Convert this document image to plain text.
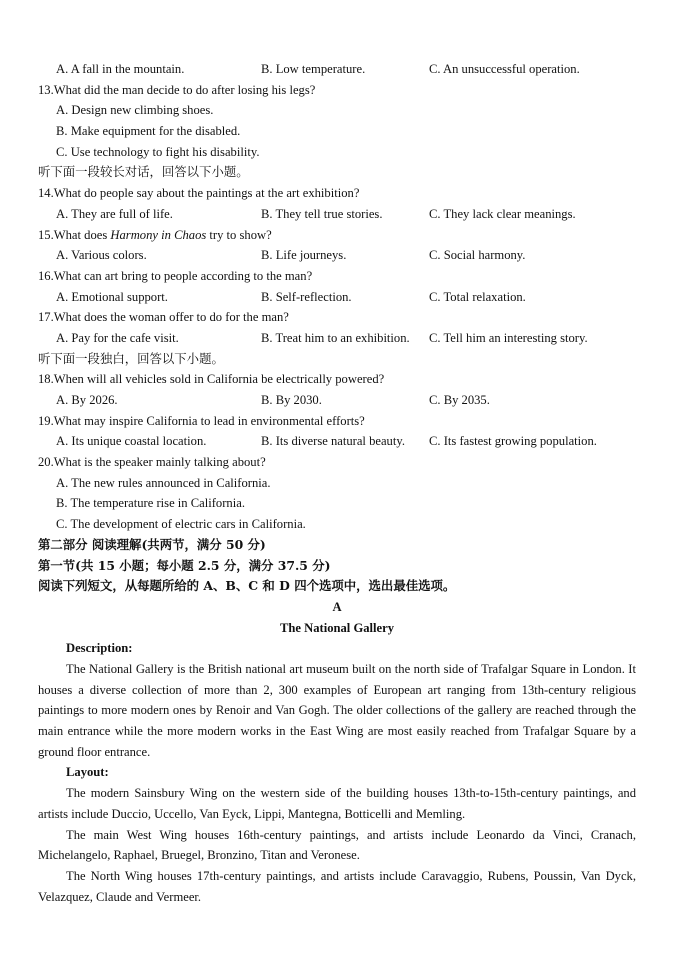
A. A fall in the mountain.	B. Low temperature.	C. An unsuccessful operation.
13.What did the man decide to do after losing his legs?
A. Design new climbing shoes.
B. Make equipment for the disabled.
C. Use technology to fight his disability.
听下面一段较长对话，回答以下小题。
14.What do people say about the paintings at the art exhibition?
A. They are full of life.	B. They tell true stories.	C. They lack clear meanings.
15.What does Harmony in Chaos try to show?
A. Various colors.	B. Life journeys.	C. Social harmony.
16.What can art bring to people according to the man?
A. Emotional support.	B. Self-reflection.	C. Total relaxation.
17.What does the woman offer to do for the man?
A. Pay for the cafe visit.	B. Treat him to an exhibition. C. Tell him an interesting story.
听下面一段独白，回答以下小题。
18.When will all vehicles sold in California be electrically powered?
A. By 2026.	B. By 2030.	C. By 2035.
19.What may inspire California to lead in environmental efforts?
A. Its unique coastal location.	B. Its diverse natural beauty. C. Its fastest growing population.
20.What is the speaker mainly talking about?
A. The new rules announced in California.
B. The temperature rise in California.
C. The development of electric cars in California.
第二部分 阅读理解(共两节，满分 50 分)
第一节(共 15 小题；每小题 2.5 分，满分 37.5 分)
阅读下列短文，从每题所给的 A、B、C 和 D 四个选项中，选出最佳选项。
A
The National Gallery
Description:

The National Gallery is the British national art museum built on the north side of Trafalgar Square in London. It houses a diverse collection of more than 2, 300 examples of European art ranging from 13th-century religious paintings to more modern ones by Renoir and Van Gogh. The older collections of the gallery are reached through the main entrance while the more modern works in the East Wing are most easily reached from Trafalgar Square by a ground floor entrance.

Layout:

The modern Sainsbury Wing on the western side of the building houses 13th-to-15th-century paintings, and artists include Duccio, Uccello, Van Eyck, Lippi, Mantegna, Botticelli and Memling.

The main West Wing houses 16th-century paintings, and artists include Leonardo da Vinci, Cranach, Michelangelo, Raphael, Bruegel, Bronzino, Titan and Veronese.

The North Wing houses 17th-century paintings, and artists include Caravaggio, Rubens, Poussin, Van Dyck, Velazquez, Claude and Vermeer.
